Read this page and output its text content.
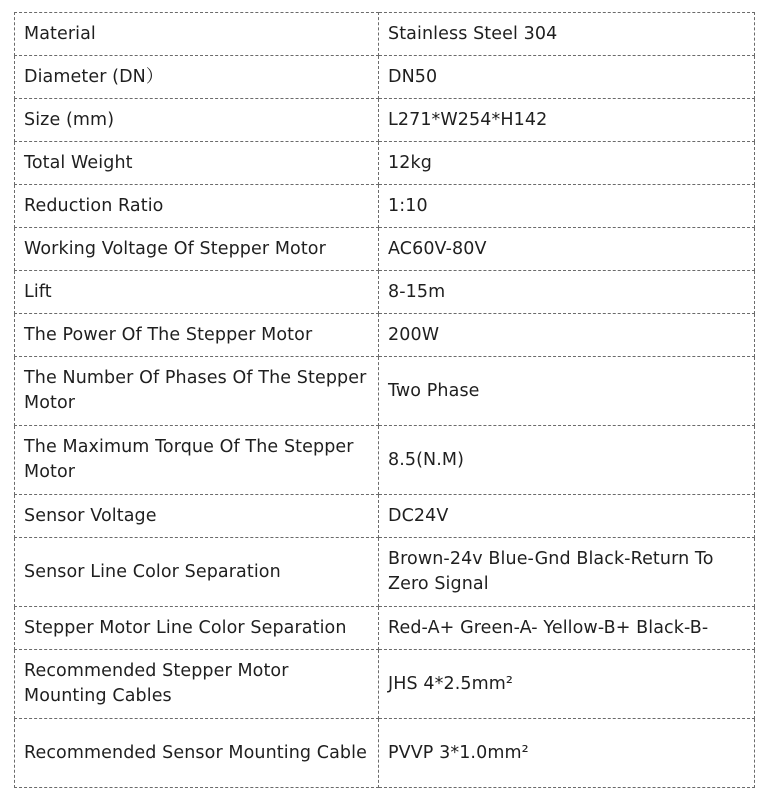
Material	Stainless Steel 304
Diameter (DN）	DN50
Size (mm)	L271*W254*H142
Total Weight	12kg
Reduction Ratio	1:10
Working Voltage Of Stepper Motor	AC60V-80V
Lift	8-15m
The Power Of The Stepper Motor	200W
The Number Of Phases Of The Stepper Motor	Two Phase
The Maximum Torque Of The Stepper Motor	8.5(N.M)
Sensor Voltage	DC24V
Sensor Line Color Separation	Brown-24v Blue-Gnd Black-Return To Zero Signal
Stepper Motor Line Color Separation	Red-A+ Green-A- Yellow-B+ Black-B-
Recommended Stepper Motor Mounting Cables	JHS 4*2.5mm²
Recommended Sensor Mounting Cable	PVVP 3*1.0mm²
